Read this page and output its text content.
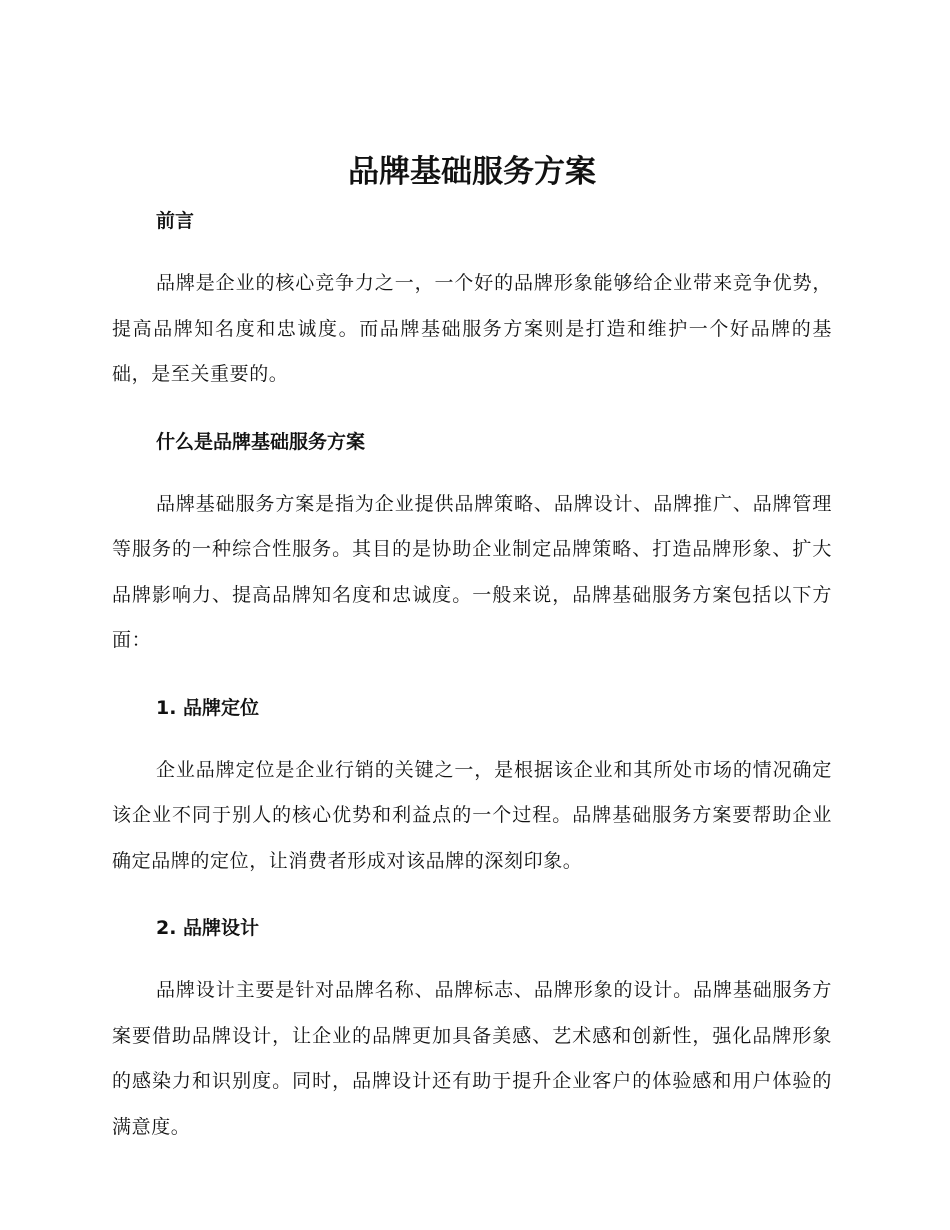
品牌基础服务方案
前言

品牌是企业的核心竞争力之一，一个好的品牌形象能够给企业带来竞争优势，提高品牌知名度和忠诚度。而品牌基础服务方案则是打造和维护一个好品牌的基础，是至关重要的。

什么是品牌基础服务方案

品牌基础服务方案是指为企业提供品牌策略、品牌设计、品牌推广、品牌管理等服务的一种综合性服务。其目的是协助企业制定品牌策略、打造品牌形象、扩大品牌影响力、提高品牌知名度和忠诚度。一般来说，品牌基础服务方案包括以下方面：

1. 品牌定位

企业品牌定位是企业行销的关键之一，是根据该企业和其所处市场的情况确定该企业不同于别人的核心优势和利益点的一个过程。品牌基础服务方案要帮助企业确定品牌的定位，让消费者形成对该品牌的深刻印象。

2. 品牌设计

品牌设计主要是针对品牌名称、品牌标志、品牌形象的设计。品牌基础服务方案要借助品牌设计，让企业的品牌更加具备美感、艺术感和创新性，强化品牌形象的感染力和识别度。同时，品牌设计还有助于提升企业客户的体验感和用户体验的满意度。
